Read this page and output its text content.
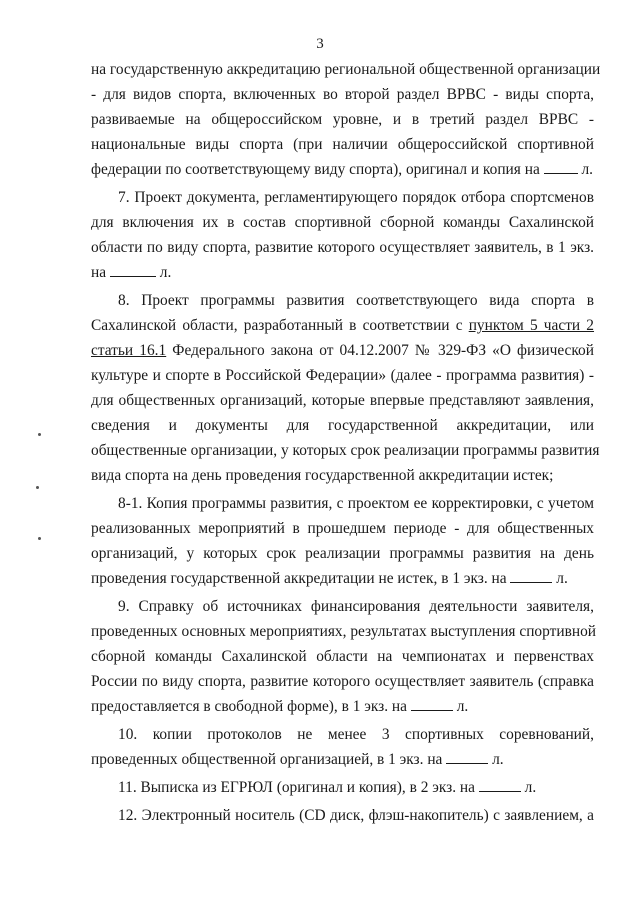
3
на государственную аккредитацию региональной общественной организации
- для видов спорта, включенных во второй раздел ВРВС - виды спорта,
развиваемые на общероссийском уровне, и в третий раздел ВРВС -
национальные виды спорта (при наличии общероссийской спортивной
федерации по соответствующему виду спорта), оригинал и копия на  л.
7. Проект документа, регламентирующего порядок отбора спортсменов
для включения их в состав спортивной сборной команды Сахалинской
области по виду спорта, развитие которого осуществляет заявитель, в 1 экз.
на	л.
8. Проект программы развития соответствующего вида спорта в
Сахалинской области, разработанный в соответствии с пунктом 5 части 2
статьи 16.1 Федерального закона от 04.12.2007 № 329-ФЗ «О физической
культуре и спорте в Российской Федерации» (далее - программа развития) -
для общественных организаций, которые впервые представляют заявления,
сведения и документы для государственной аккредитации, или
общественные организации, у которых срок реализации программы развития
вида спорта на день проведения государственной аккредитации истек;
8-1. Копия программы развития, с проектом ее корректировки, с учетом
реализованных мероприятий в прошедшем периоде - для общественных
организаций, у которых срок реализации программы развития на день
проведения государственной аккредитации не истек, в 1 экз. на	л.
9. Справку об источниках финансирования деятельности заявителя,
проведенных основных мероприятиях, результатах выступления спортивной
сборной команды Сахалинской области на чемпионатах и первенствах
России по виду спорта, развитие которого осуществляет заявитель (справка
предоставляется в свободной форме), в 1 экз. на	л.
10. копии протоколов не менее 3 спортивных соревнований,
проведенных общественной организацией, в 1 экз. на	л.
11. Выписка из ЕГРЮЛ (оригинал и копия), в 2 экз. на	л.
12. Электронный носитель (CD диск, флэш-накопитель) с заявлением, а
